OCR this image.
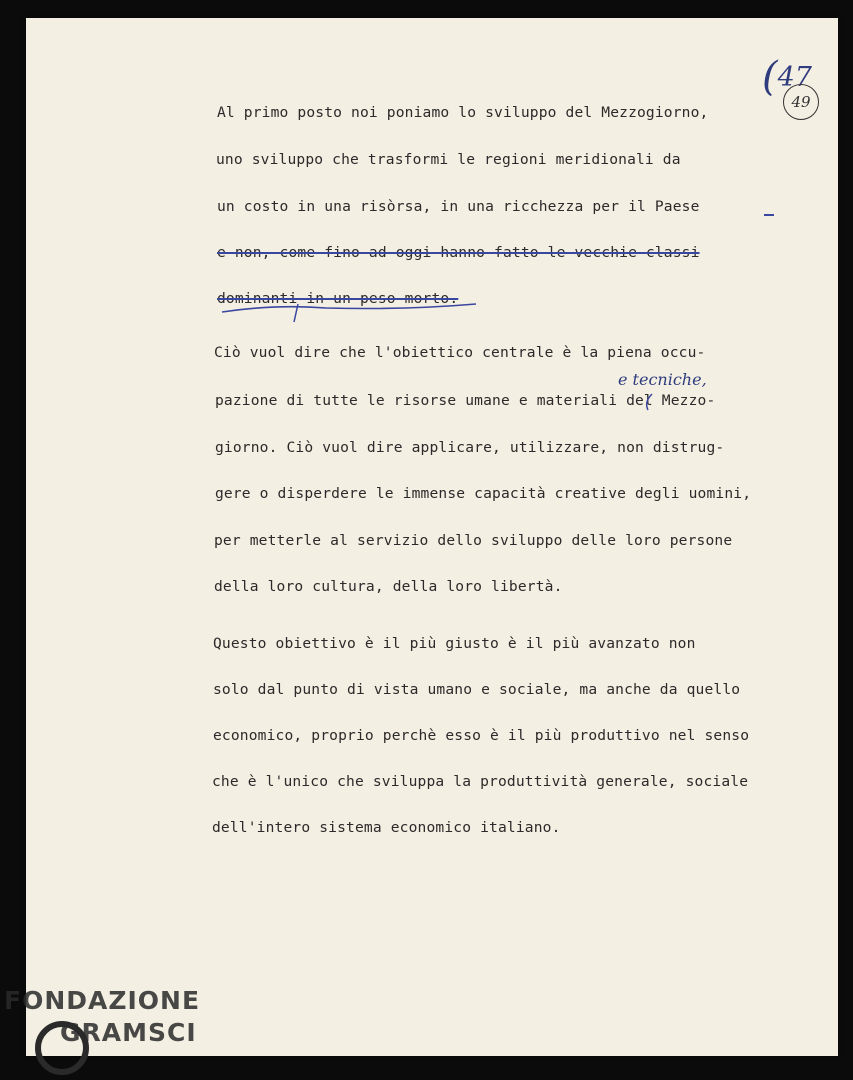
(47
49
Al primo posto noi poniamo lo sviluppo del Mezzogiorno,
uno sviluppo che trasformi le regioni meridionali da
un costo in una risòrsa, in una ricchezza per il Paese
e non, come fino ad oggi hanno fatto le vecchie classi
dominanti in un peso morto.
Ciò vuol dire che l'obiettico centrale è la piena occu-
pazione di tutte le risorse umane e materiali del Mezzo-
giorno. Ciò vuol dire applicare, utilizzare, non distrug-
gere o disperdere le immense capacità creative degli uomini,
per metterle al servizio dello sviluppo delle loro persone
della loro cultura, della loro libertà.
Questo obiettivo è il più giusto è il più avanzato non
solo dal punto di vista umano e sociale, ma anche da quello
economico, proprio perchè esso è il più produttivo nel senso
che è l'unico che sviluppa la produttività generale, sociale
dell'intero sistema economico italiano.
e tecniche,
FONDAZIONE
GRAMSCI
